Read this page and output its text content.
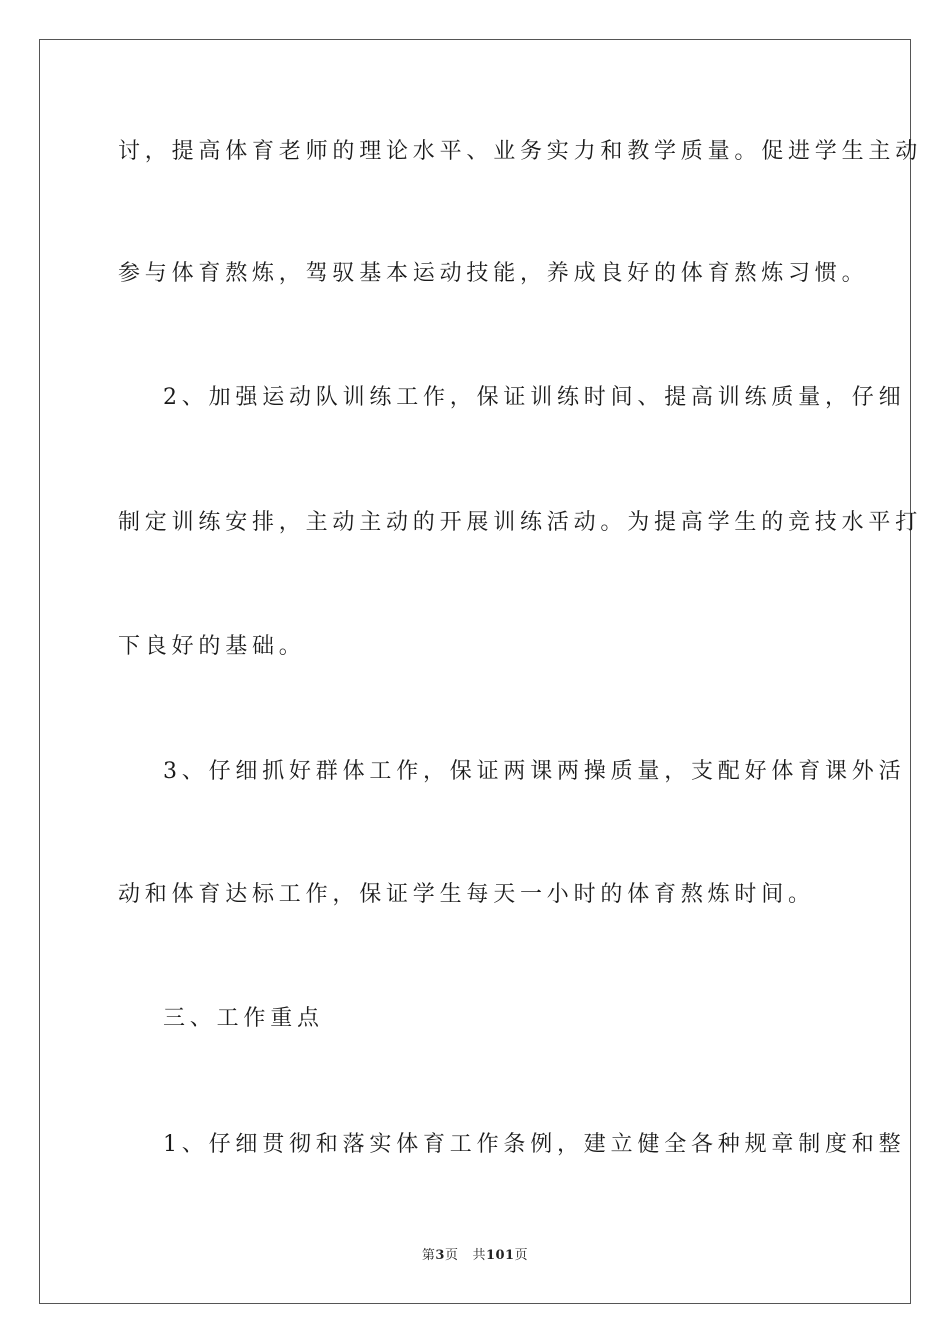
讨，提高体育老师的理论水平、业务实力和教学质量。促进学生主动
参与体育熬炼，驾驭基本运动技能，养成良好的体育熬炼习惯。
2、加强运动队训练工作，保证训练时间、提高训练质量，仔细
制定训练安排，主动主动的开展训练活动。为提高学生的竞技水平打
下良好的基础。
3、仔细抓好群体工作，保证两课两操质量，支配好体育课外活
动和体育达标工作，保证学生每天一小时的体育熬炼时间。
三、工作重点
1、仔细贯彻和落实体育工作条例，建立健全各种规章制度和整
第3页 共101页
